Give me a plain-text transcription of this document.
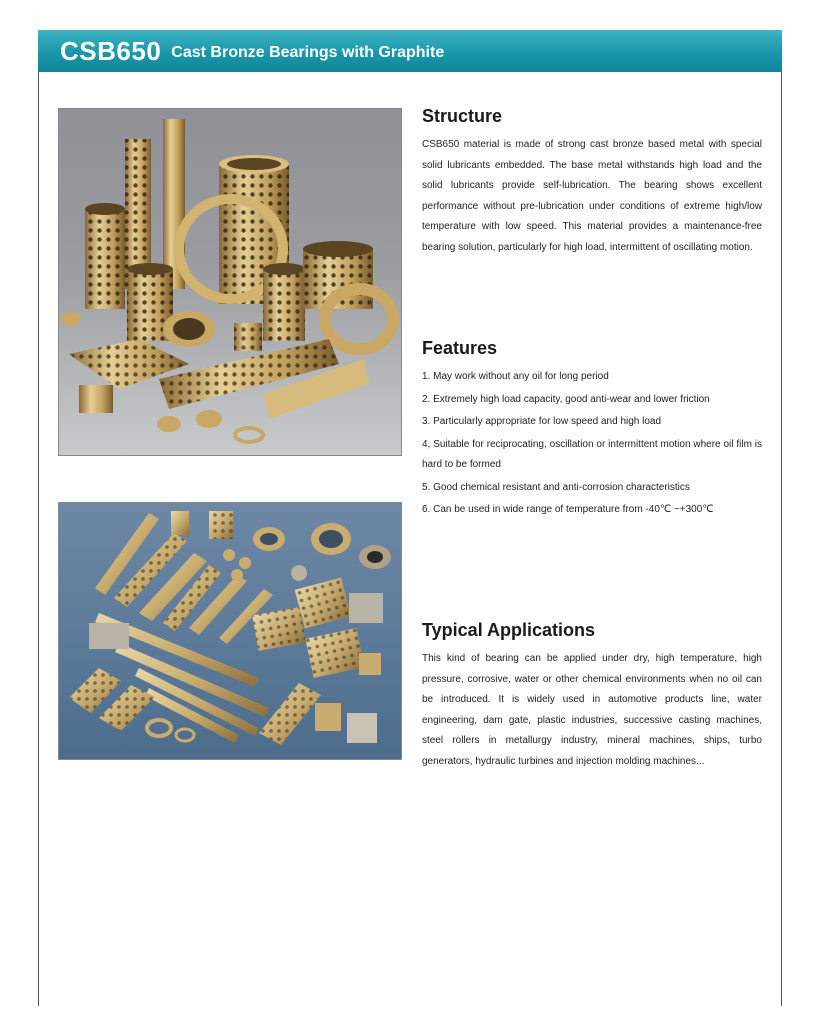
CSB650 Cast Bronze Bearings with Graphite
Structure

CSB650 material is made of strong cast bronze based metal with special solid lubricants embedded. The base metal withstands high load and the solid lubricants provide self-lubrication. The bearing shows excellent performance without pre-lubrication under conditions of extreme high/low temperature with low speed. This material provides a maintenance-free bearing solution, particularly for high load, intermittent of oscillating motion.

Features

1. May work without any oil for long period

2. Extremely high load capacity, good anti-wear and lower friction

3. Particularly appropriate for low speed and high load

4, Suitable for reciprocating, oscillation or intermittent motion where oil film is hard to be formed

5. Good chemical resistant and anti-corrosion characteristics

6. Can be used in wide range of temperature from -40℃ ~+300℃

Typical Applications

This kind of bearing can be applied under dry, high temperature, high pressure, corrosive, water or other chemical environments when no oil can be introduced. It is widely used in automotive products line, water engineering, dam gate, plastic industries, successive casting machines, steel rollers in metallurgy industry, mineral machines, ships, turbo generators, hydraulic turbines and injection molding machines...
